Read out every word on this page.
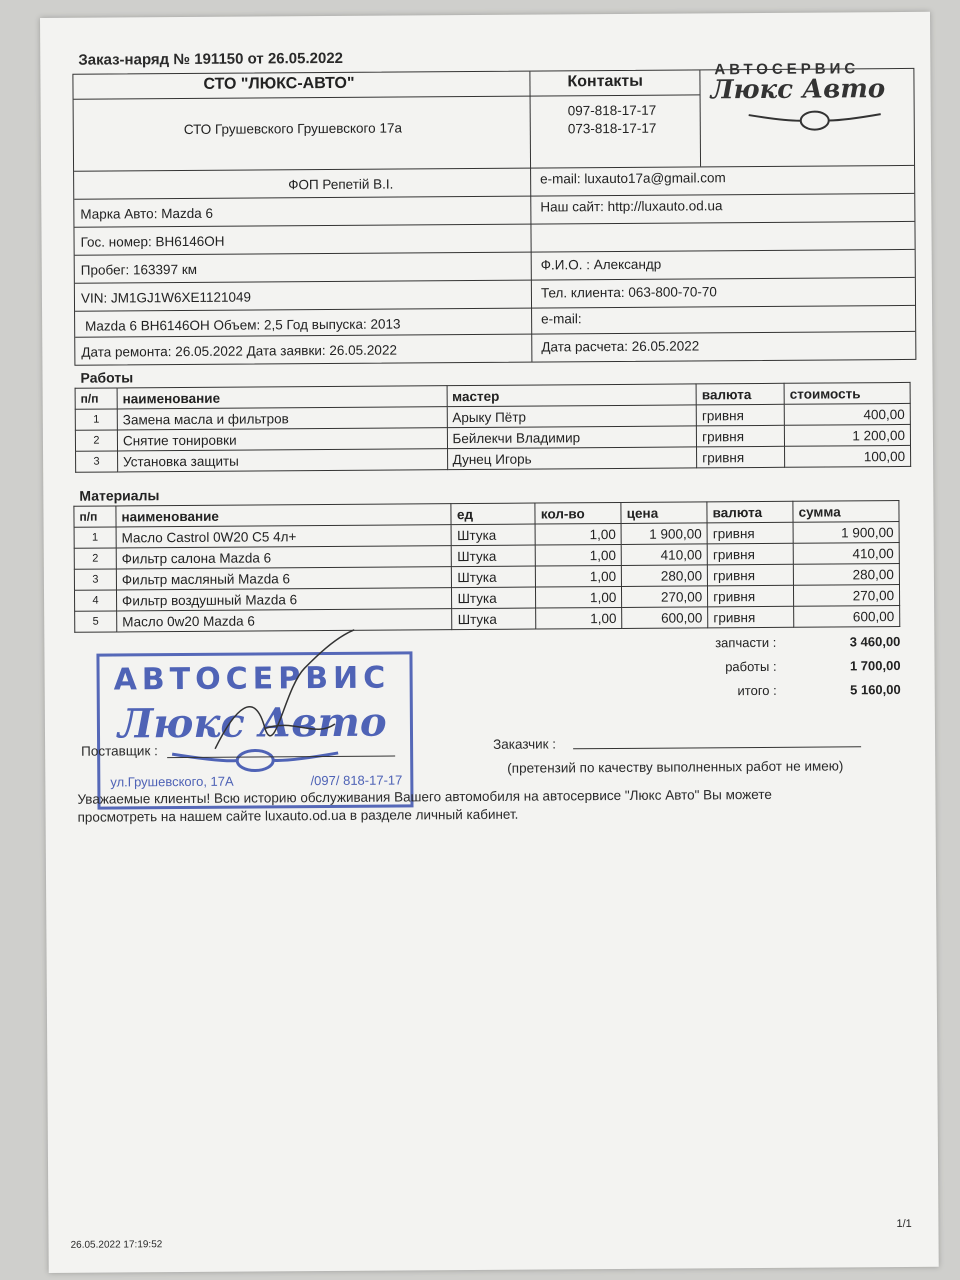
Заказ-наряд № 191150 от 26.05.2022
СТО "ЛЮКС-АВТО"	Контакты
СТО Грушевского Грушевского 17а
097-818-17-17
073-818-17-17
ФОП Репетій В.І.	e-mail: luxauto17a@gmail.com
Марка Авто: Mazda 6	Наш сайт: http://luxauto.od.ua
Гос. номер: BH6146OH
Пробег: 163397 км	Ф.И.О. : Александр
VIN: JM1GJ1W6XE1121049	Тел. клиента: 063-800-70-70
Mazda 6 BH6146OH Объем: 2,5 Год выпуска: 2013	e-mail:
Дата ремонта: 26.05.2022 Дата заявки: 26.05.2022	Дата расчета: 26.05.2022
АВТОСЕРВИС
Люкс Авто
Работы
п/п	наименование	мастер	валюта	стоимость
1	Замена масла и фильтров	Арыку Пётр	гривня	400,00
2	Снятие тонировки	Бейлекчи Владимир	гривня	1 200,00
3	Установка защиты	Дунец Игорь	гривня	100,00
Материалы
п/п	наименование	ед	кол-во	цена	валюта	сумма
1	Масло Castrol 0W20 C5 4л+	Штука	1,00	1 900,00	гривня	1 900,00
2	Фильтр салона Mazda 6	Штука	1,00	410,00	гривня	410,00
3	Фильтр масляный Mazda 6	Штука	1,00	280,00	гривня	280,00
4	Фильтр воздушный Mazda 6	Штука	1,00	270,00	гривня	270,00
5	Масло 0w20 Mazda 6	Штука	1,00	600,00	гривня	600,00
запчасти :	3 460,00
работы :	1 700,00
итого :	5 160,00
АВТОСЕРВИС
Люкс Авто
ул.Грушевского, 17А	/097/ 818-17-17
Поставщик :	Заказчик :
(претензий по качеству выполненных работ не имею)
Уважаемые клиенты! Всю историю обслуживания Вашего автомобиля на автосервисе "Люкс Авто" Вы можете
просмотреть на нашем сайте luxauto.od.ua в разделе личный кабинет.
26.05.2022 17:19:52
1/1
